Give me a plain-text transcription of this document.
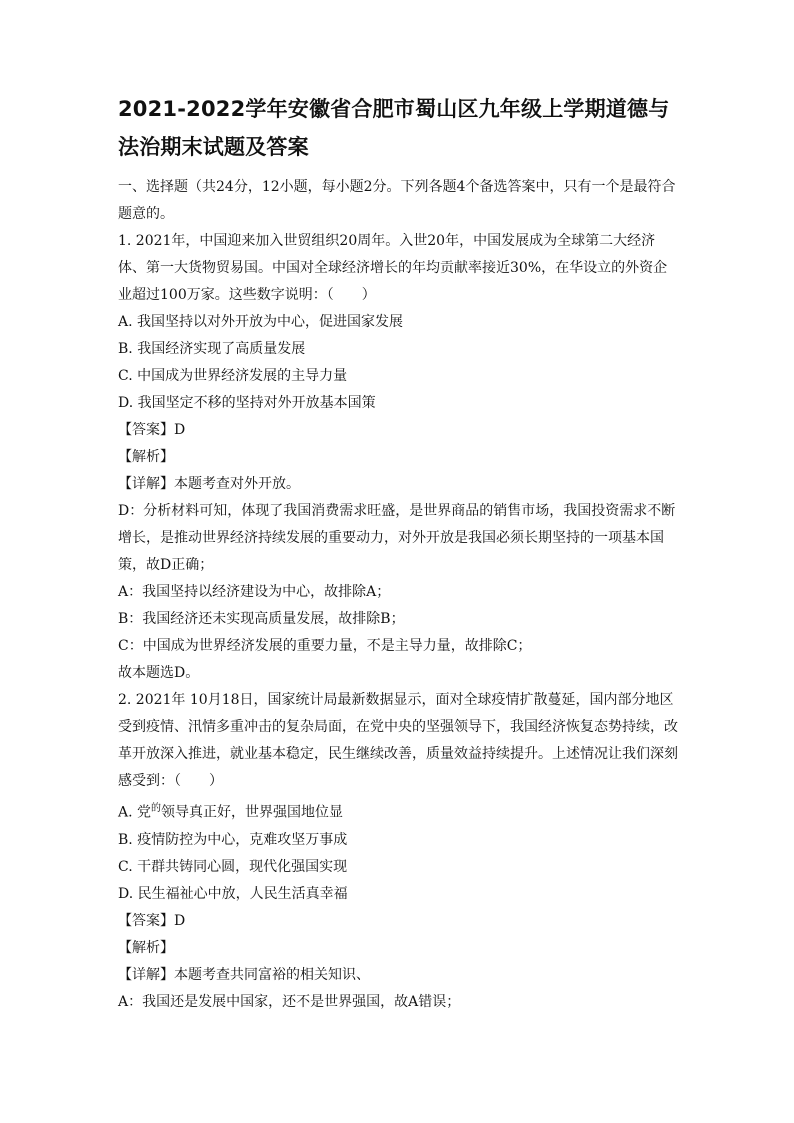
2021-2022学年安徽省合肥市蜀山区九年级上学期道德与法治期末试题及答案

一、选择题（共24分，12小题，每小题2分。下列各题4个备选答案中，只有一个是最符合题意的。

1. 2021年，中国迎来加入世贸组织20周年。入世20年，中国发展成为全球第二大经济体、第一大货物贸易国。中国对全球经济增长的年均贡献率接近30%，在华设立的外资企业超过100万家。这些数字说明：（　　）

A. 我国坚持以对外开放为中心，促进国家发展

B. 我国经济实现了高质量发展

C. 中国成为世界经济发展的主导力量

D. 我国坚定不移的坚持对外开放基本国策

【答案】D

【解析】

【详解】本题考查对外开放。

D：分析材料可知，体现了我国消费需求旺盛，是世界商品的销售市场，我国投资需求不断增长，是推动世界经济持续发展的重要动力，对外开放是我国必须长期坚持的一项基本国策，故D正确；

A：我国坚持以经济建设为中心，故排除A；

B：我国经济还未实现高质量发展，故排除B；

C：中国成为世界经济发展的重要力量，不是主导力量，故排除C；

故本题选D。

2. 2021年 10月18日，国家统计局最新数据显示，面对全球疫情扩散蔓延，国内部分地区受到疫情、汛情多重冲击的复杂局面，在党中央的坚强领导下，我国经济恢复态势持续，改革开放深入推进，就业基本稳定，民生继续改善，质量效益持续提升。上述情况让我们深刻感受到：（　　）

A. 党$^的$领导真正好，世界强国地位显

B. 疫情防控为中心，克难攻坚万事成

C. 干群共铸同心圆，现代化强国实现

D. 民生福祉心中放，人民生活真幸福

【答案】D

【解析】

【详解】本题考查共同富裕的相关知识、

A：我国还是发展中国家，还不是世界强国，故A错误；
